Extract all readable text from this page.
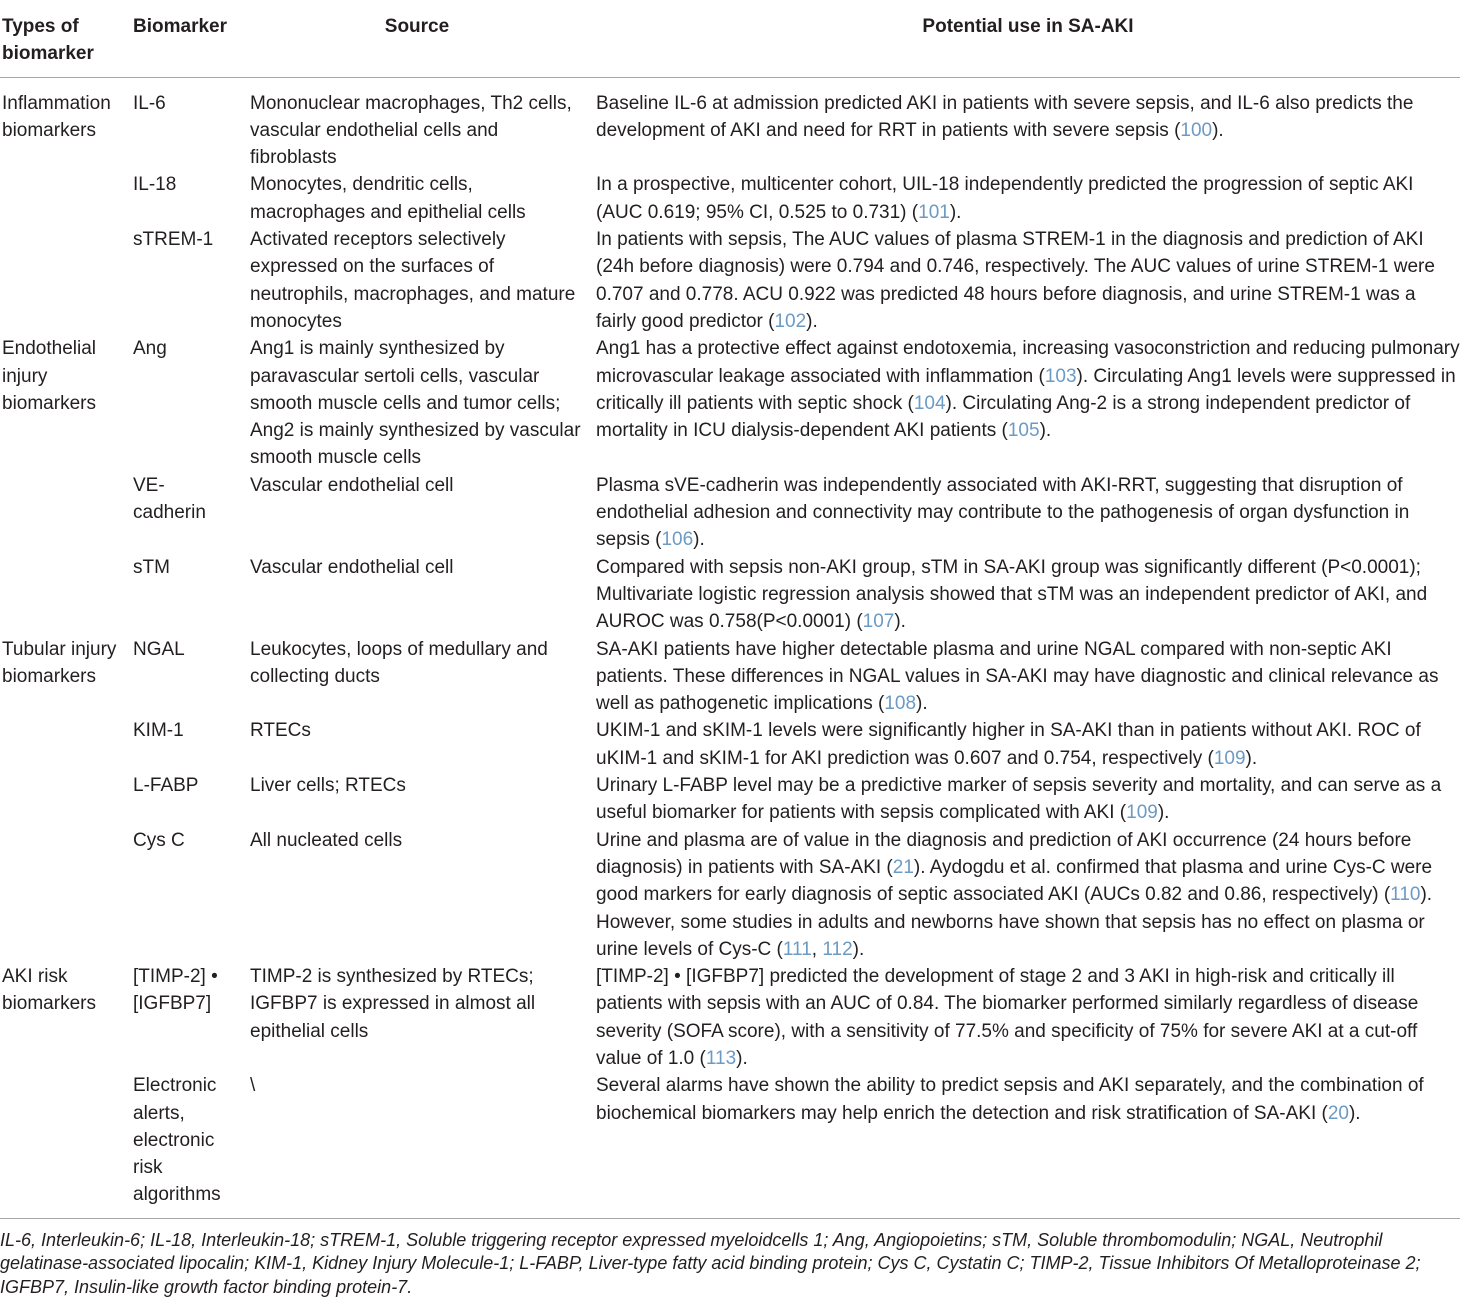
Types of biomarker	Biomarker	Source	Potential use in SA-AKI
Inflammation biomarkers	IL-6	Mononuclear macrophages, Th2 cells, vascular endothelial cells and fibroblasts	Baseline IL-6 at admission predicted AKI in patients with severe sepsis, and IL-6 also predicts the development of AKI and need for RRT in patients with severe sepsis (100).
	IL-18	Monocytes, dendritic cells, macrophages and epithelial cells	In a prospective, multicenter cohort, UIL-18 independently predicted the progression of septic AKI (AUC 0.619; 95% CI, 0.525 to 0.731) (101).
	sTREM-1	Activated receptors selectively expressed on the surfaces of neutrophils, macrophages, and mature monocytes	In patients with sepsis, The AUC values of plasma STREM-1 in the diagnosis and prediction of AKI (24h before diagnosis) were 0.794 and 0.746, respectively. The AUC values of urine STREM-1 were 0.707 and 0.778. ACU 0.922 was predicted 48 hours before diagnosis, and urine STREM-1 was a fairly good predictor (102).
Endothelial injury biomarkers	Ang	Ang1 is mainly synthesized by paravascular sertoli cells, vascular smooth muscle cells and tumor cells; Ang2 is mainly synthesized by vascular smooth muscle cells	Ang1 has a protective effect against endotoxemia, increasing vasoconstriction and reducing pulmonary microvascular leakage associated with inflammation (103). Circulating Ang1 levels were suppressed in critically ill patients with septic shock (104). Circulating Ang-2 is a strong independent predictor of mortality in ICU dialysis-dependent AKI patients (105).
	VE-cadherin	Vascular endothelial cell	Plasma sVE-cadherin was independently associated with AKI-RRT, suggesting that disruption of endothelial adhesion and connectivity may contribute to the pathogenesis of organ dysfunction in sepsis (106).
	sTM	Vascular endothelial cell	Compared with sepsis non-AKI group, sTM in SA-AKI group was significantly different (P<0.0001); Multivariate logistic regression analysis showed that sTM was an independent predictor of AKI, and AUROC was 0.758(P<0.0001) (107).
Tubular injury biomarkers	NGAL	Leukocytes, loops of medullary and collecting ducts	SA-AKI patients have higher detectable plasma and urine NGAL compared with non-septic AKI patients. These differences in NGAL values in SA-AKI may have diagnostic and clinical relevance as well as pathogenetic implications (108).
	KIM-1	RTECs	UKIM-1 and sKIM-1 levels were significantly higher in SA-AKI than in patients without AKI. ROC of uKIM-1 and sKIM-1 for AKI prediction was 0.607 and 0.754, respectively (109).
	L-FABP	Liver cells; RTECs	Urinary L-FABP level may be a predictive marker of sepsis severity and mortality, and can serve as a useful biomarker for patients with sepsis complicated with AKI (109).
	Cys C	All nucleated cells	Urine and plasma are of value in the diagnosis and prediction of AKI occurrence (24 hours before diagnosis) in patients with SA-AKI (21). Aydogdu et al. confirmed that plasma and urine Cys-C were good markers for early diagnosis of septic associated AKI (AUCs 0.82 and 0.86, respectively) (110). However, some studies in adults and newborns have shown that sepsis has no effect on plasma or urine levels of Cys-C (111, 112).
AKI risk biomarkers	[TIMP-2] • [IGFBP7]	TIMP-2 is synthesized by RTECs; IGFBP7 is expressed in almost all epithelial cells	[TIMP-2] • [IGFBP7] predicted the development of stage 2 and 3 AKI in high-risk and critically ill patients with sepsis with an AUC of 0.84. The biomarker performed similarly regardless of disease severity (SOFA score), with a sensitivity of 77.5% and specificity of 75% for severe AKI at a cut-off value of 1.0 (113).
	Electronic alerts, electronic risk algorithms	\	Several alarms have shown the ability to predict sepsis and AKI separately, and the combination of biochemical biomarkers may help enrich the detection and risk stratification of SA-AKI (20).

IL-6, Interleukin-6; IL-18, Interleukin-18; sTREM-1, Soluble triggering receptor expressed myeloidcells 1; Ang, Angiopoietins; sTM, Soluble thrombomodulin; NGAL, Neutrophil gelatinase-associated lipocalin; KIM-1, Kidney Injury Molecule-1; L-FABP, Liver-type fatty acid binding protein; Cys C, Cystatin C; TIMP-2, Tissue Inhibitors Of Metalloproteinase 2; IGFBP7, Insulin-like growth factor binding protein-7.
